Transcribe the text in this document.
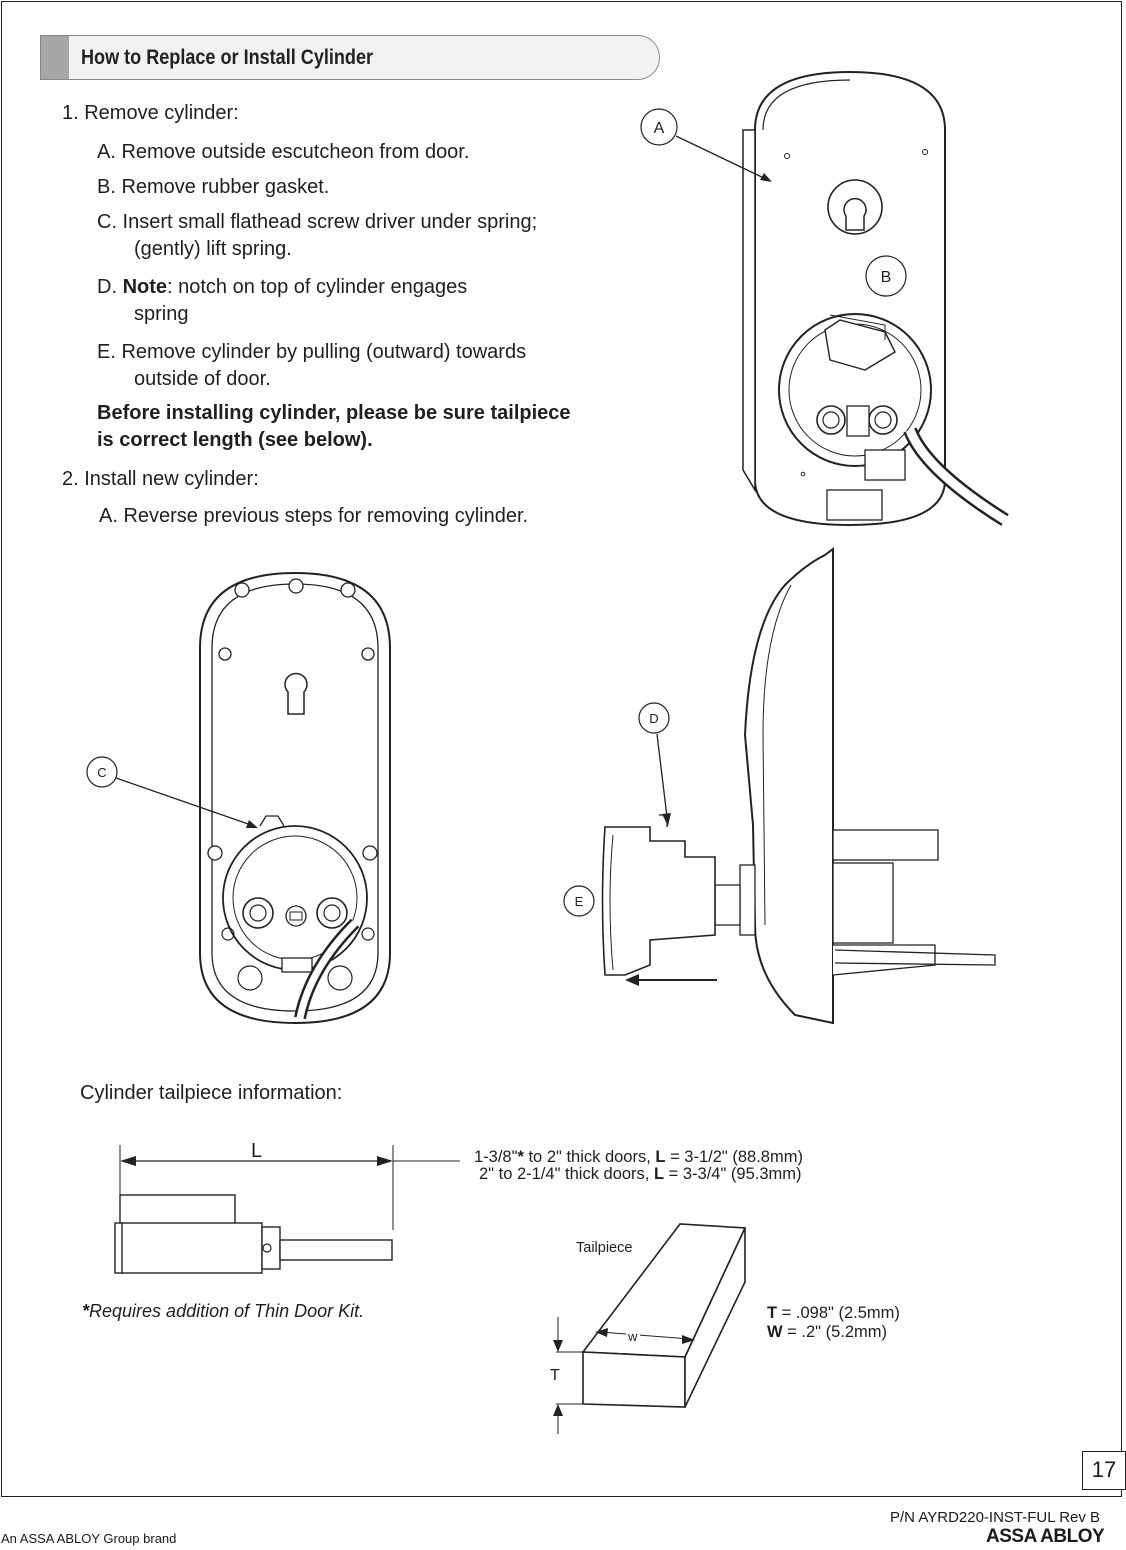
How to Replace or Install Cylinder
1. Remove cylinder:
A. Remove outside escutcheon from door.
B. Remove rubber gasket.
C. Insert small flathead screw driver under spring;
(gently) lift spring.
D. Note: notch on top of cylinder engages
spring
E. Remove cylinder by pulling (outward) towards
outside of door.
Before installing cylinder, please be sure tailpiece
is correct length (see below).
2. Install new cylinder:
A. Reverse previous steps for removing cylinder.
A
B
C
D
E
Cylinder tailpiece information:
L	1-3/8"* to 2" thick doors, L = 3-1/2" (88.8mm)
2" to 2-1/4" thick doors, L = 3-3/4" (95.3mm)
*Requires addition of Thin Door Kit.
Tailpiece
w
T
T = .098" (2.5mm)
W = .2" (5.2mm)
17
P/N AYRD220-INST-FUL Rev B
An ASSA ABLOY Group brand	ASSA ABLOY
